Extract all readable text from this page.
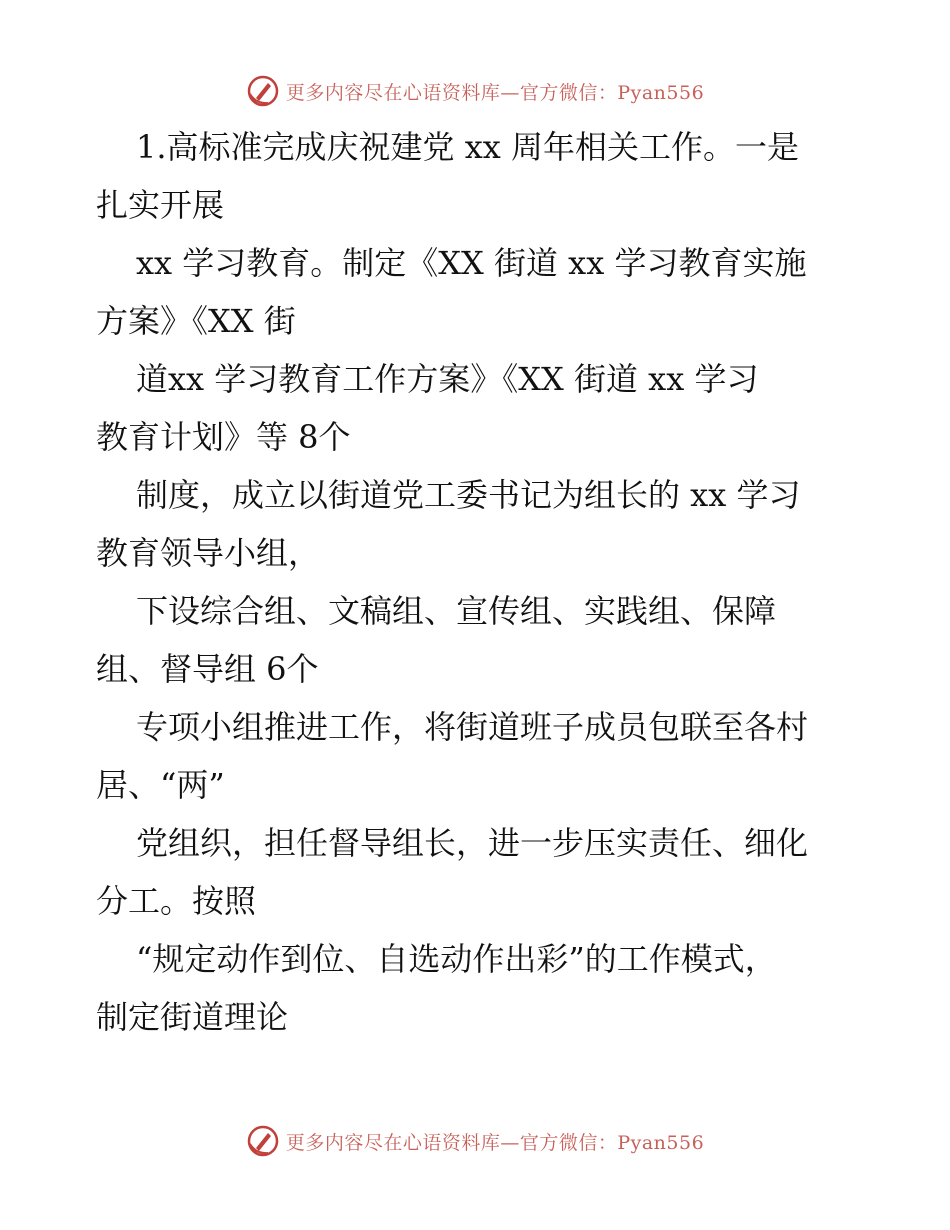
更多内容尽在心语资料库—官方微信：Pyan556
1.高标准完成庆祝建党 xx 周年相关工作。一是
扎实开展
xx 学习教育。制定《XX 街道 xx 学习教育实施
方案》《XX 街
道xx 学习教育工作方案》《XX 街道 xx 学习
教育计划》等 8个
制度，成立以街道党工委书记为组长的 xx 学习
教育领导小组，
下设综合组、文稿组、宣传组、实践组、保障
组、督导组 6个
专项小组推进工作，将街道班子成员包联至各村
居、“两”
党组织，担任督导组长，进一步压实责任、细化
分工。按照
“规定动作到位、自选动作出彩”的工作模式，
制定街道理论
更多内容尽在心语资料库—官方微信：Pyan556
